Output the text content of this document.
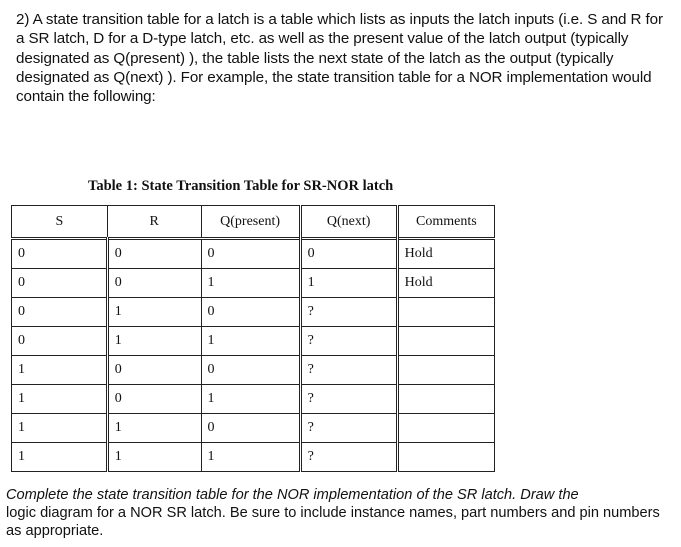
2) A state transition table for a latch is a table which lists as inputs the latch inputs (i.e. S and R for a SR latch, D for a D-type latch, etc. as well as the present value of the latch output (typically designated as Q(present) ), the table lists the next state of the latch as the output (typically designated as Q(next) ). For example, the state transition table for a NOR implementation would contain the following:

Table 1: State Transition Table for SR-NOR latch

S	R	Q(present)	Q(next)	Comments
0	0	0	0	Hold
0	0	1	1	Hold
0	1	0	?	
0	1	1	?	
1	0	0	?	
1	0	1	?	
1	1	0	?	
1	1	1	?	

Complete the state transition table for the NOR implementation of the SR latch. Draw the
logic diagram for a NOR SR latch. Be sure to include instance names, part numbers and pin numbers as appropriate.
